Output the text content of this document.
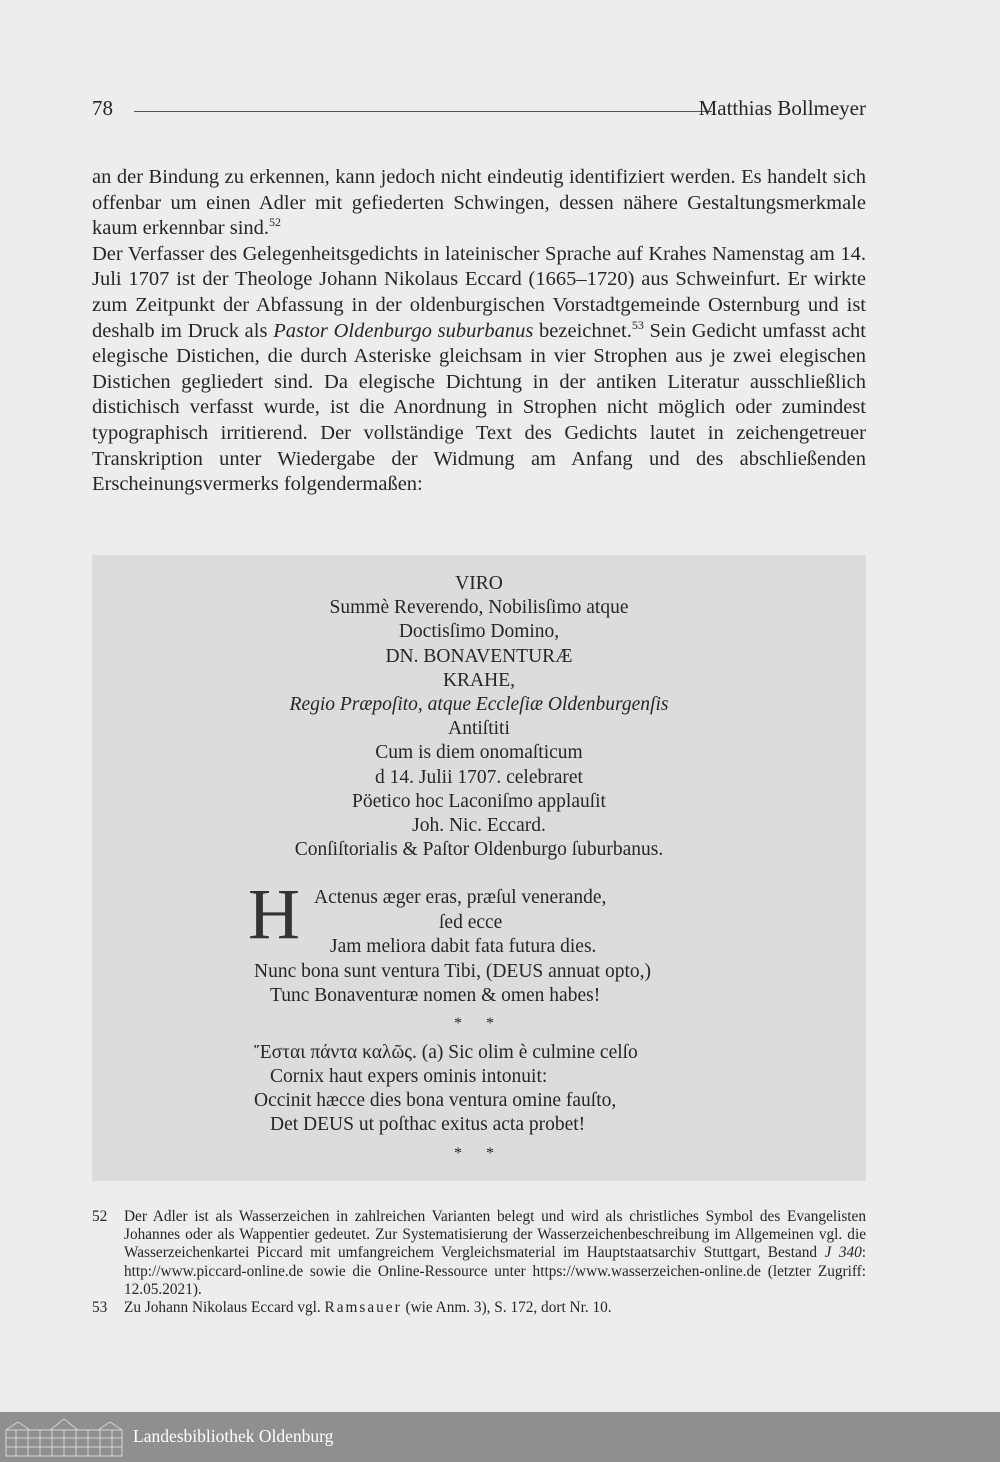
78	Matthias Bollmeyer

an der Bindung zu erkennen, kann jedoch nicht eindeutig identifiziert werden. Es handelt sich offenbar um einen Adler mit gefiederten Schwingen, dessen nähere Gestaltungsmerkmale kaum erkennbar sind.$^{52}$

Der Verfasser des Gelegenheitsgedichts in lateinischer Sprache auf Krahes Namenstag am 14. Juli 1707 ist der Theologe Johann Nikolaus Eccard (1665–1720) aus Schweinfurt. Er wirkte zum Zeitpunkt der Abfassung in der oldenburgischen Vorstadtgemeinde Osternburg und ist deshalb im Druck als Pastor Oldenburgo suburbanus bezeichnet.$^{53}$ Sein Gedicht umfasst acht elegische Distichen, die durch Asteriske gleichsam in vier Strophen aus je zwei elegischen Distichen gegliedert sind. Da elegische Dichtung in der antiken Literatur ausschließlich distichisch verfasst wurde, ist die Anordnung in Strophen nicht möglich oder zumindest typographisch irritierend. Der vollständige Text des Gedichts lautet in zeichengetreuer Transkription unter Wiedergabe der Widmung am Anfang und des abschließenden Erscheinungsvermerks folgendermaßen:

VIRO
Summè Reverendo, Nobilisſimo atque
Doctisſimo Domino,
DN. BONAVENTURÆ
KRAHE,
Regio Præpoſito, atque Eccleſiæ Oldenburgenſis
Antiſtiti
Cum is diem onomaſticum
d 14. Julii 1707. celebraret
Pöetico hoc Laconiſmo applauſit
Joh. Nic. Eccard.
Conſiſtorialis & Paſtor Oldenburgo ſuburbanus.
H Actenus æger eras, præſul venerande,
ſed ecce
Jam meliora dabit fata futura dies.
Nunc bona sunt ventura Tibi, (DEUS annuat opto,)
Tunc Bonaventuræ nomen & omen habes!
* *
Ἔσται πάντα καλῶς. (a) Sic olim è culmine celſo
Cornix haut expers ominis intonuit:
Occinit hæcce dies bona ventura omine fauſto,
Det DEUS ut poſthac exitus acta probet!
* *
52 Der Adler ist als Wasserzeichen in zahlreichen Varianten belegt und wird als christliches Symbol des Evangelisten Johannes oder als Wappentier gedeutet. Zur Systematisierung der Wasserzeichenbeschreibung im Allgemeinen vgl. die Wasserzeichenkartei Piccard mit umfangreichem Vergleichsmaterial im Hauptstaatsarchiv Stuttgart, Bestand J 340: http://www.piccard-online.de sowie die Online-Ressource unter https://www.wasserzeichen-online.de (letzter Zugriff: 12.05.2021).
53 Zu Johann Nikolaus Eccard vgl. Ramsauer (wie Anm. 3), S. 172, dort Nr. 10.
Landesbibliothek Oldenburg
